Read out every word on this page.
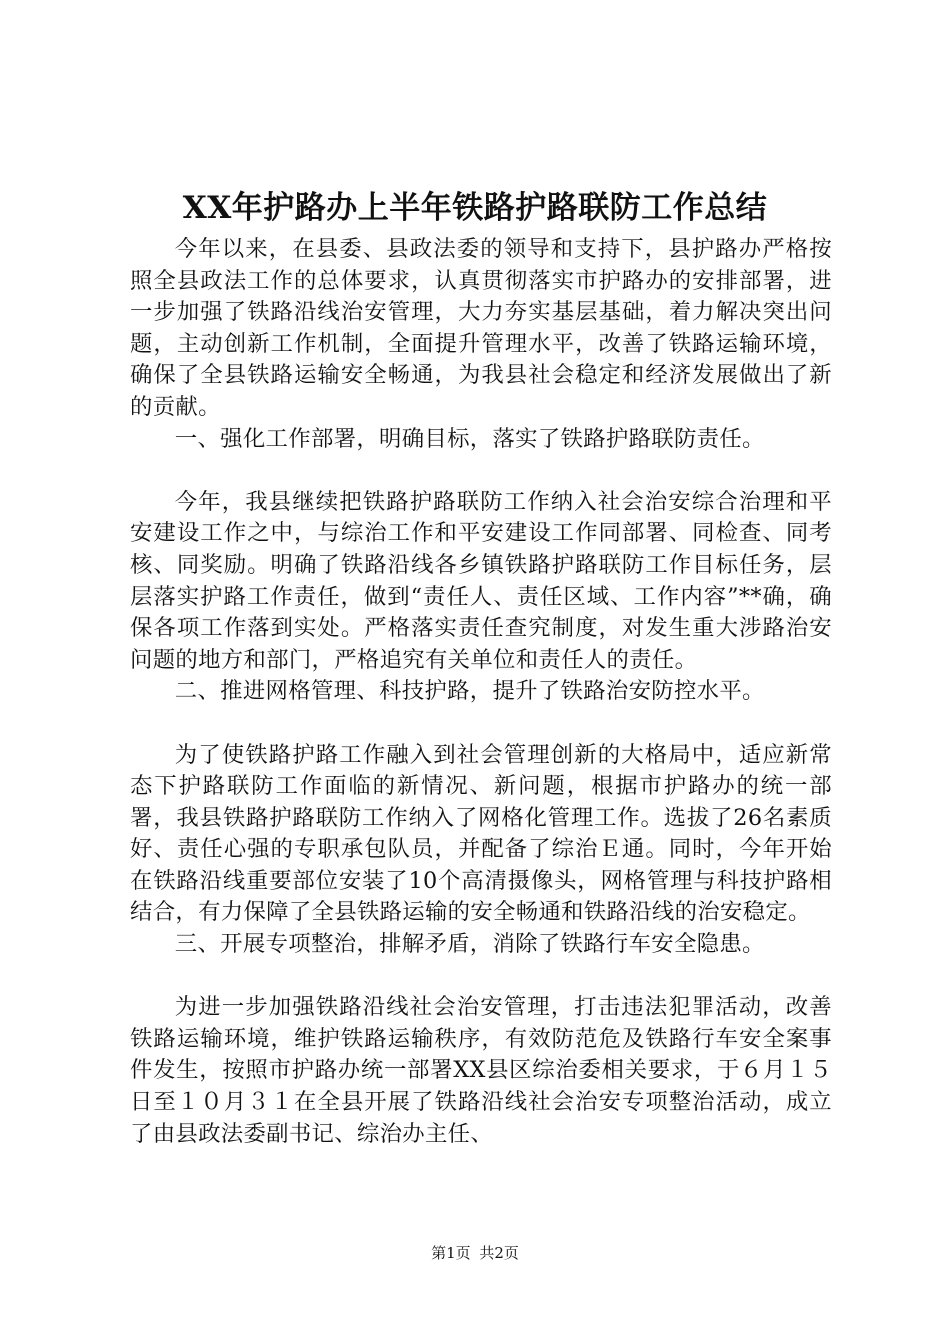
XX年护路办上半年铁路护路联防工作总结

今年以来，在县委、县政法委的领导和支持下，县护路办严格按照全县政法工作的总体要求，认真贯彻落实市护路办的安排部署，进一步加强了铁路沿线治安管理，大力夯实基层基础，着力解决突出问题，主动创新工作机制，全面提升管理水平，改善了铁路运输环境，确保了全县铁路运输安全畅通，为我县社会稳定和经济发展做出了新的贡献。

一、强化工作部署，明确目标，落实了铁路护路联防责任。

今年，我县继续把铁路护路联防工作纳入社会治安综合治理和平安建设工作之中，与综治工作和平安建设工作同部署、同检查、同考核、同奖励。明确了铁路沿线各乡镇铁路护路联防工作目标任务，层层落实护路工作责任，做到“责任人、责任区域、工作内容”**确，确保各项工作落到实处。严格落实责任查究制度，对发生重大涉路治安问题的地方和部门，严格追究有关单位和责任人的责任。

二、推进网格管理、科技护路，提升了铁路治安防控水平。

为了使铁路护路工作融入到社会管理创新的大格局中，适应新常态下护路联防工作面临的新情况、新问题，根据市护路办的统一部署，我县铁路护路联防工作纳入了网格化管理工作。选拔了26名素质好、责任心强的专职承包队员，并配备了综治Ｅ通。同时，今年开始在铁路沿线重要部位安装了10个高清摄像头，网格管理与科技护路相结合，有力保障了全县铁路运输的安全畅通和铁路沿线的治安稳定。

三、开展专项整治，排解矛盾，消除了铁路行车安全隐患。

为进一步加强铁路沿线社会治安管理，打击违法犯罪活动，改善铁路运输环境，维护铁路运输秩序，有效防范危及铁路行车安全案事件发生，按照市护路办统一部署XX县区综治委相关要求，于６月１５日至１０月３１在全县开展了铁路沿线社会治安专项整治活动，成立了由县政法委副书记、综治办主任、

第1页 共2页
